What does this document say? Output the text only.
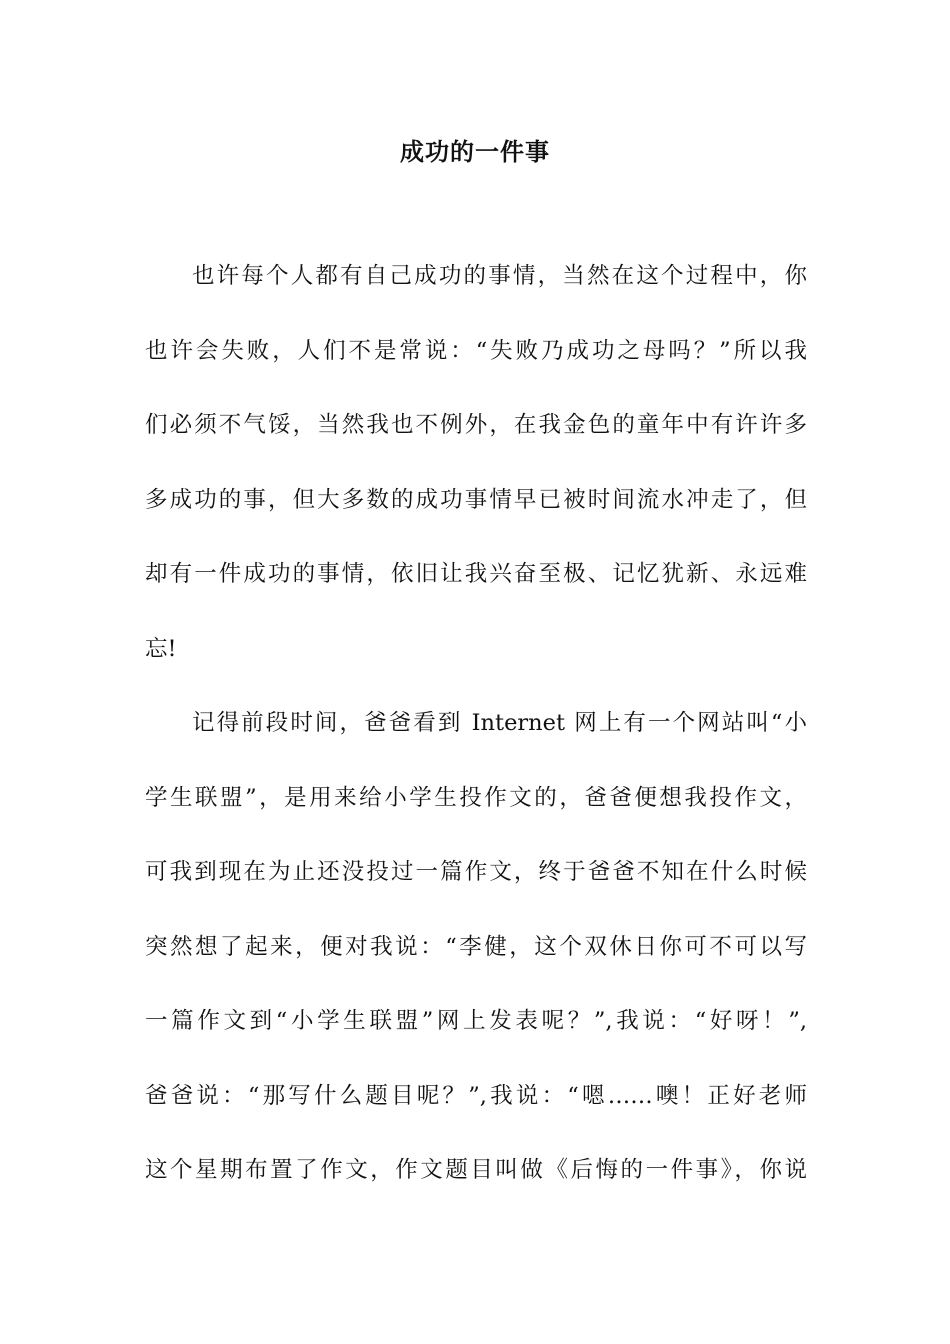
成功的一件事
也许每个人都有自己成功的事情，当然在这个过程中，你
也许会失败，人们不是常说：“失败乃成功之母吗？”所以我
们必须不气馁，当然我也不例外，在我金色的童年中有许许多
多成功的事，但大多数的成功事情早已被时间流水冲走了，但
却有一件成功的事情，依旧让我兴奋至极、记忆犹新、永远难
忘!
记得前段时间，爸爸看到 Internet 网上有一个网站叫“小
学生联盟”，是用来给小学生投作文的，爸爸便想我投作文，
可我到现在为止还没投过一篇作文，终于爸爸不知在什么时候
突然想了起来，便对我说：“李健，这个双休日你可不可以写
一篇作文到“小学生联盟”网上发表呢？”,我说：“好呀！”,
爸爸说：“那写什么题目呢？”,我说：“嗯……噢！正好老师
这个星期布置了作文，作文题目叫做《后悔的一件事》，你说
